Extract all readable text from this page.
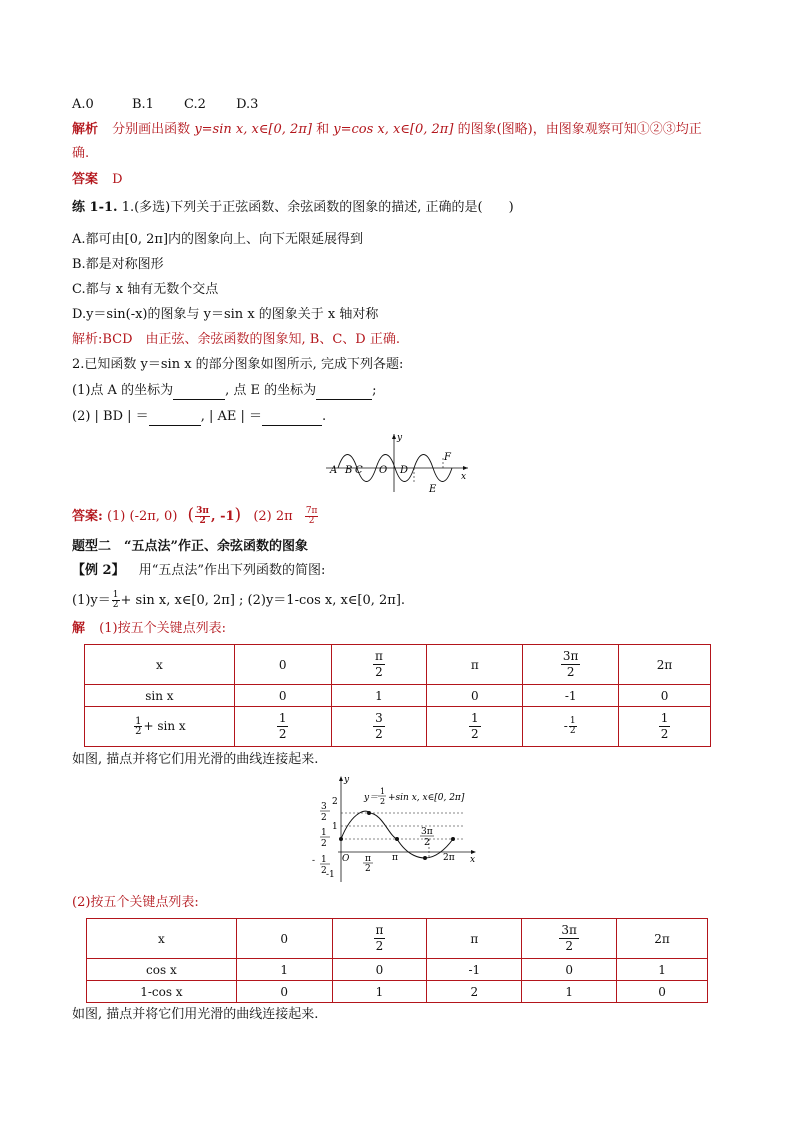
A.0	B.1 C.2 D.3
解析 分别画出函数 y=sin x, x∈[0, 2π] 和 y=cos x, x∈[0, 2π] 的图象(图略)，由图象观察可知①②③均正
确.
答案 D
练 1-1. 1.(多选)下列关于正弦函数、余弦函数的图象的描述, 正确的是(　　)
A.都可由[0, 2π]内的图象向上、向下无限延展得到
B.都是对称图形
C.都与 x 轴有无数个交点
D.y＝sin(-x)的图象与 y＝sin x 的图象关于 x 轴对称
解析:BCD　由正弦、余弦函数的图象知, B、C、D 正确.
2.已知函数 y＝sin x 的部分图象如图所示, 完成下列各题:
(1)点 A 的坐标为	, 点 E 的坐标为	;
(2) | BD | ＝	, | AE | ＝	.
A B C O D
F
E
x
y
答案: (1) (-2π, 0) ( $\frac{3\pi}{2}$ , -1) (2) $2\pi \frac{7\pi}{2}$
题型二　“五点法”作正、余弦函数的图象
【例 2】 用“五点法”作出下列函数的简图:
$(1)y= \frac{1}{2} + \sin x$, x∈[0, 2π] ; (2)y＝1-cos x, x∈[0, 2π].
解 (1)按五个关键点列表:
x	0	$\frac{\pi}{2}$	π	$\frac{3\pi}{2}$	2π
sin x	0	1	0	-1	0

$\frac{1}{2} + \sin x$	$\frac{1}{2}$	$\frac{3}{2}$	$\frac{1}{2}$	- $\frac{1}{2}$	$\frac{1}{2}$
如图, 描点并将它们用光滑的曲线连接起来.
y
x
O
2
1
-1
3
2
1
2
- 1
2
π
2
π	2π
3π
2
y＝
1
2 +sin x, x∈[0, 2π]
(2)按五个关键点列表:
x	0	$\frac{\pi}{2}$	π	$\frac{3\pi}{2}$	2π
cos x	1	0	-1	0	1
1-cos x	0	1	2	1	0
如图, 描点并将它们用光滑的曲线连接起来.
